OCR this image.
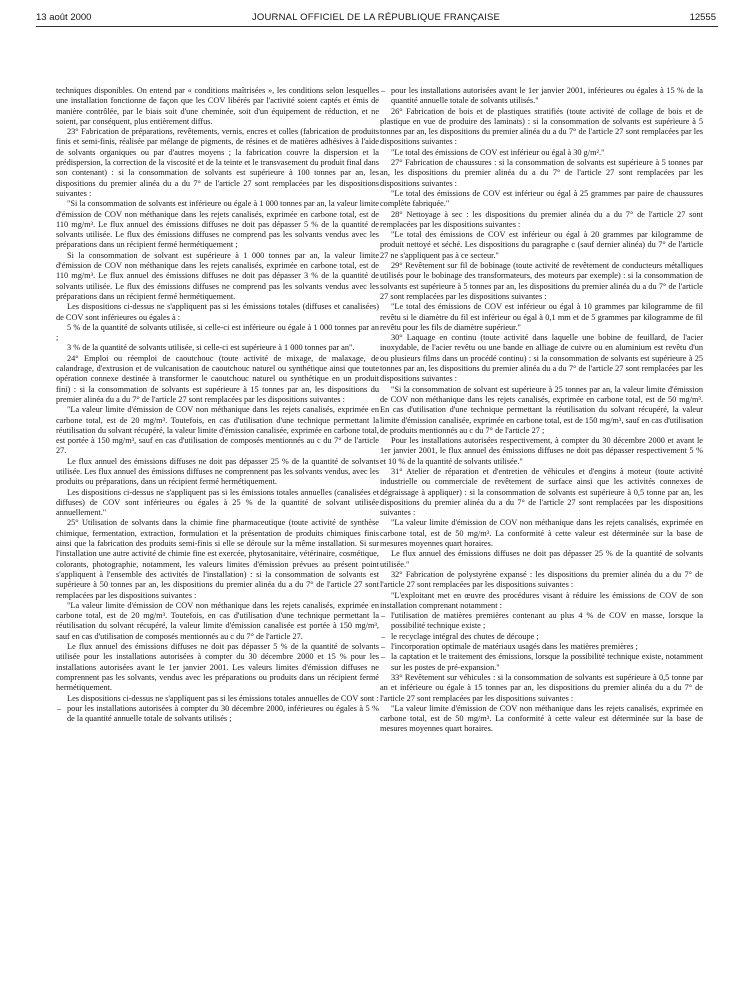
13 août 2000	JOURNAL OFFICIEL DE LA RÉPUBLIQUE FRANÇAISE	12555

techniques disponibles. On entend par « conditions maîtrisées », les conditions selon lesquelles une installation fonctionne de façon que les COV libérés par l'activité soient captés et émis de manière contrôlée, par le biais soit d'une cheminée, soit d'un équipement de réduction, et ne soient, par conséquent, plus entièrement diffus.

23° Fabrication de préparations, revêtements, vernis, encres et colles (fabrication de produits finis et semi-finis, réalisée par mélange de pigments, de résines et de matières adhésives à l'aide de solvants organiques ou par d'autres moyens ; la fabrication couvre la dispersion et la prédispersion, la correction de la viscosité et de la teinte et le transvasement du produit final dans son contenant) : si la consommation de solvants est supérieure à 100 tonnes par an, les dispositions du premier alinéa du a du 7° de l'article 27 sont remplacées par les dispositions suivantes :

"Si la consommation de solvants est inférieure ou égale à 1 000 tonnes par an, la valeur limite d'émission de COV non méthanique dans les rejets canalisés, exprimée en carbone total, est de 110 mg/m³. Le flux annuel des émissions diffuses ne doit pas dépasser 5 % de la quantité de solvants utilisée. Le flux des émissions diffuses ne comprend pas les solvants vendus avec les préparations dans un récipient fermé hermétiquement ;

Si la consommation de solvant est supérieure à 1 000 tonnes par an, la valeur limite d'émission de COV non méthanique dans les rejets canalisés, exprimée en carbone total, est de 110 mg/m³. Le flux annuel des émissions diffuses ne doit pas dépasser 3 % de la quantité de solvants utilisée. Le flux des émissions diffuses ne comprend pas les solvants vendus avec les préparations dans un récipient fermé hermétiquement.

Les dispositions ci-dessus ne s'appliquent pas si les émissions totales (diffuses et canalisées) de COV sont inférieures ou égales à :

5 % de la quantité de solvants utilisée, si celle-ci est inférieure ou égale à 1 000 tonnes par an ;

3 % de la quantité de solvants utilisée, si celle-ci est supérieure à 1 000 tonnes par an".

24° Emploi ou réemploi de caoutchouc (toute activité de mixage, de malaxage, de calandrage, d'extrusion et de vulcanisation de caoutchouc naturel ou synthétique ainsi que toute opération connexe destinée à transformer le caoutchouc naturel ou synthétique en un produit fini) : si la consommation de solvants est supérieure à 15 tonnes par an, les dispositions du premier alinéa du a du 7° de l'article 27 sont remplacées par les dispositions suivantes :

"La valeur limite d'émission de COV non méthanique dans les rejets canalisés, exprimée en carbone total, est de 20 mg/m³. Toutefois, en cas d'utilisation d'une technique permettant la réutilisation du solvant récupéré, la valeur limite d'émission canalisée, exprimée en carbone total, est portée à 150 mg/m³, sauf en cas d'utilisation de composés mentionnés au c du 7° de l'article 27.

Le flux annuel des émissions diffuses ne doit pas dépasser 25 % de la quantité de solvants utilisée. Les flux annuel des émissions diffuses ne comprennent pas les solvants vendus, avec les produits ou préparations, dans un récipient fermé hermétiquement.

Les dispositions ci-dessus ne s'appliquent pas si les émissions totales annuelles (canalisées et diffuses) de COV sont inférieures ou égales à 25 % de la quantité de solvant utilisée annuellement."

25° Utilisation de solvants dans la chimie fine pharmaceutique (toute activité de synthèse chimique, fermentation, extraction, formulation et la présentation de produits chimiques finis ainsi que la fabrication des produits semi-finis si elle se déroule sur la même installation. Si sur l'installation une autre activité de chimie fine est exercée, phytosanitaire, vétérinaire, cosmétique, colorants, photographie, notamment, les valeurs limites d'émission prévues au présent point s'appliquent à l'ensemble des activités de l'installation) : si la consommation de solvants est supérieure à 50 tonnes par an, les dispositions du premier alinéa du a du 7° de l'article 27 sont remplacées par les dispositions suivantes :

"La valeur limite d'émission de COV non méthanique dans les rejets canalisés, exprimée en carbone total, est de 20 mg/m³. Toutefois, en cas d'utilisation d'une technique permettant la réutilisation du solvant récupéré, la valeur limite d'émission canalisée est portée à 150 mg/m³, sauf en cas d'utilisation de composés mentionnés au c du 7° de l'article 27.

Le flux annuel des émissions diffuses ne doit pas dépasser 5 % de la quantité de solvants utilisée pour les installations autorisées à compter du 30 décembre 2000 et 15 % pour les installations autorisées avant le 1er janvier 2001. Les valeurs limites d'émission diffuses ne comprennent pas les solvants, vendus avec les préparations ou produits dans un récipient fermé hermétiquement.

Les dispositions ci-dessus ne s'appliquent pas si les émissions totales annuelles de COV sont :

– pour les installations autorisées à compter du 30 décembre 2000, inférieures ou égales à 5 % de la quantité annuelle totale de solvants utilisés ;
– pour les installations autorisées avant le 1er janvier 2001, inférieures ou égales à 15 % de la quantité annuelle totale de solvants utilisés."

26° Fabrication de bois et de plastiques stratifiés (toute activité de collage de bois et de plastique en vue de produire des laminats) : si la consommation de solvants est supérieure à 5 tonnes par an, les dispositions du premier alinéa du a du 7° de l'article 27 sont remplacées par les dispositions suivantes :

"Le total des émissions de COV est inférieur ou égal à 30 g/m²."

27° Fabrication de chaussures : si la consommation de solvants est supérieure à 5 tonnes par an, les dispositions du premier alinéa du a du 7° de l'article 27 sont remplacées par les dispositions suivantes :

"Le total des émissions de COV est inférieur ou égal à 25 grammes par paire de chaussures complète fabriquée."

28° Nettoyage à sec : les dispositions du premier alinéa du a du 7° de l'article 27 sont remplacées par les dispositions suivantes :

"Le total des émissions de COV est inférieur ou égal à 20 grammes par kilogramme de produit nettoyé et séché. Les dispositions du paragraphe c (sauf dernier alinéa) du 7° de l'article 27 ne s'appliquent pas à ce secteur."

29° Revêtement sur fil de bobinage (toute activité de revêtement de conducteurs métalliques utilisés pour le bobinage des transformateurs, des moteurs par exemple) : si la consommation de solvants est supérieure à 5 tonnes par an, les dispositions du premier alinéa du a du 7° de l'article 27 sont remplacées par les dispositions suivantes :

"Le total des émissions de COV est inférieur ou égal à 10 grammes par kilogramme de fil revêtu si le diamètre du fil est inférieur ou égal à 0,1 mm et de 5 grammes par kilogramme de fil revêtu pour les fils de diamètre supérieur."

30° Laquage en continu (toute activité dans laquelle une bobine de feuillard, de l'acier inoxydable, de l'acier revêtu ou une bande en alliage de cuivre ou en aluminium est revêtu d'un ou plusieurs films dans un procédé continu) : si la consommation de solvants est supérieure à 25 tonnes par an, les dispositions du premier alinéa du a du 7° de l'article 27 sont remplacées par les dispositions suivantes :

"Si la consommation de solvant est supérieure à 25 tonnes par an, la valeur limite d'émission de COV non méthanique dans les rejets canalisés, exprimée en carbone total, est de 50 mg/m³. En cas d'utilisation d'une technique permettant la réutilisation du solvant récupéré, la valeur limite d'émission canalisée, exprimée en carbone total, est de 150 mg/m³, sauf en cas d'utilisation de produits mentionnés au c du 7° de l'article 27 ;

Pour les installations autorisées respectivement, à compter du 30 décembre 2000 et avant le 1er janvier 2001, le flux annuel des émissions diffuses ne doit pas dépasser respectivement 5 % et 10 % de la quantité de solvants utilisée."

31° Atelier de réparation et d'entretien de véhicules et d'engins à moteur (toute activité industrielle ou commerciale de revêtement de surface ainsi que les activités connexes de dégraissage à appliquer) : si la consommation de solvants est supérieure à 0,5 tonne par an, les dispositions du premier alinéa du a du 7° de l'article 27 sont remplacées par les dispositions suivantes :

"La valeur limite d'émission de COV non méthanique dans les rejets canalisés, exprimée en carbone total, est de 50 mg/m³. La conformité à cette valeur est déterminée sur la base de mesures moyennes quart horaires.

Le flux annuel des émissions diffuses ne doit pas dépasser 25 % de la quantité de solvants utilisée."

32° Fabrication de polystyrène expansé : les dispositions du premier alinéa du a du 7° de l'article 27 sont remplacées par les dispositions suivantes :

"L'exploitant met en œuvre des procédures visant à réduire les émissions de COV de son installation comprenant notamment :

– l'utilisation de matières premières contenant au plus 4 % de COV en masse, lorsque la possibilité technique existe ;
– le recyclage intégral des chutes de découpe ;
– l'incorporation optimale de matériaux usagés dans les matières premières ;
– la captation et le traitement des émissions, lorsque la possibilité technique existe, notamment sur les postes de pré-expansion."

33° Revêtement sur véhicules : si la consommation de solvants est supérieure à 0,5 tonne par an et inférieure ou égale à 15 tonnes par an, les dispositions du premier alinéa du a du 7° de l'article 27 sont remplacées par les dispositions suivantes :

"La valeur limite d'émission de COV non méthanique dans les rejets canalisés, exprimée en carbone total, est de 50 mg/m³. La conformité à cette valeur est déterminée sur la base de mesures moyennes quart horaires.
